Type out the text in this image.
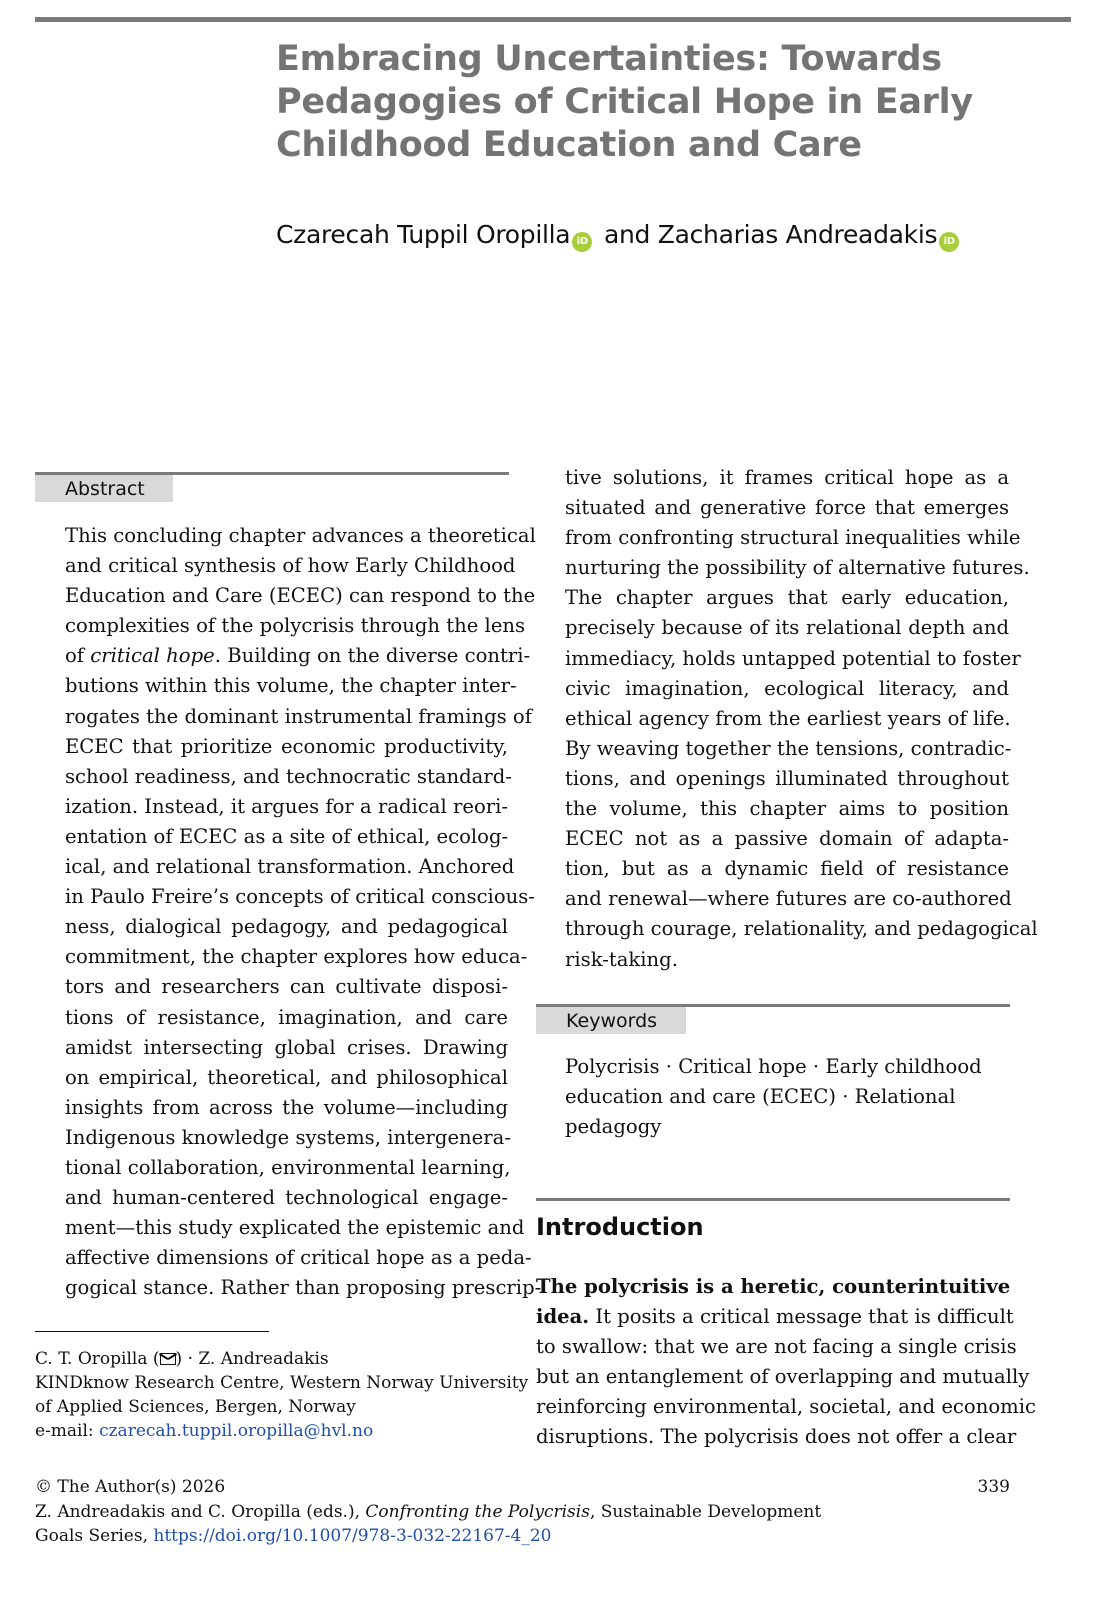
Embracing Uncertainties: Towards
Pedagogies of Critical Hope in Early
Childhood Education and Care
Czarecah Tuppil Oropilla iD and Zacharias Andreadakis iD
Abstract
This concluding chapter advances a theoretical
and critical synthesis of how Early Childhood
Education and Care (ECEC) can respond to the
complexities of the polycrisis through the lens
of critical hope. Building on the diverse contri-
butions within this volume, the chapter inter-
rogates the dominant instrumental framings of
ECEC that prioritize economic productivity,
school readiness, and technocratic standard-
ization. Instead, it argues for a radical reori-
entation of ECEC as a site of ethical, ecolog-
ical, and relational transformation. Anchored
in Paulo Freire’s concepts of critical conscious-
ness, dialogical pedagogy, and pedagogical
commitment, the chapter explores how educa-
tors and researchers can cultivate disposi-
tions of resistance, imagination, and care
amidst intersecting global crises. Drawing
on empirical, theoretical, and philosophical
insights from across the volume—including
Indigenous knowledge systems, intergenera-
tional collaboration, environmental learning,
and human-centered technological engage-
ment—this study explicated the epistemic and
affective dimensions of critical hope as a peda-
gogical stance. Rather than proposing prescrip-
tive solutions, it frames critical hope as a
situated and generative force that emerges
from confronting structural inequalities while
nurturing the possibility of alternative futures.
The chapter argues that early education,
precisely because of its relational depth and
immediacy, holds untapped potential to foster
civic imagination, ecological literacy, and
ethical agency from the earliest years of life.
By weaving together the tensions, contradic-
tions, and openings illuminated throughout
the volume, this chapter aims to position
ECEC not as a passive domain of adapta-
tion, but as a dynamic field of resistance
and renewal—where futures are co-authored
through courage, relationality, and pedagogical
risk-taking.
Keywords
Polycrisis · Critical hope · Early childhood
education and care (ECEC) · Relational
pedagogy
Introduction
The polycrisis is a heretic, counterintuitive
idea. It posits a critical message that is difficult
to swallow: that we are not facing a single crisis
but an entanglement of overlapping and mutually
reinforcing environmental, societal, and economic
disruptions. The polycrisis does not offer a clear
C. T. Oropilla ( ) · Z. Andreadakis
KINDknow Research Centre, Western Norway University
of Applied Sciences, Bergen, Norway
e-mail: czarecah.tuppil.oropilla@hvl.no
© The Author(s) 2026	339
Z. Andreadakis and C. Oropilla (eds.), Confronting the Polycrisis, Sustainable Development
Goals Series, https://doi.org/10.1007/978-3-032-22167-4_20
